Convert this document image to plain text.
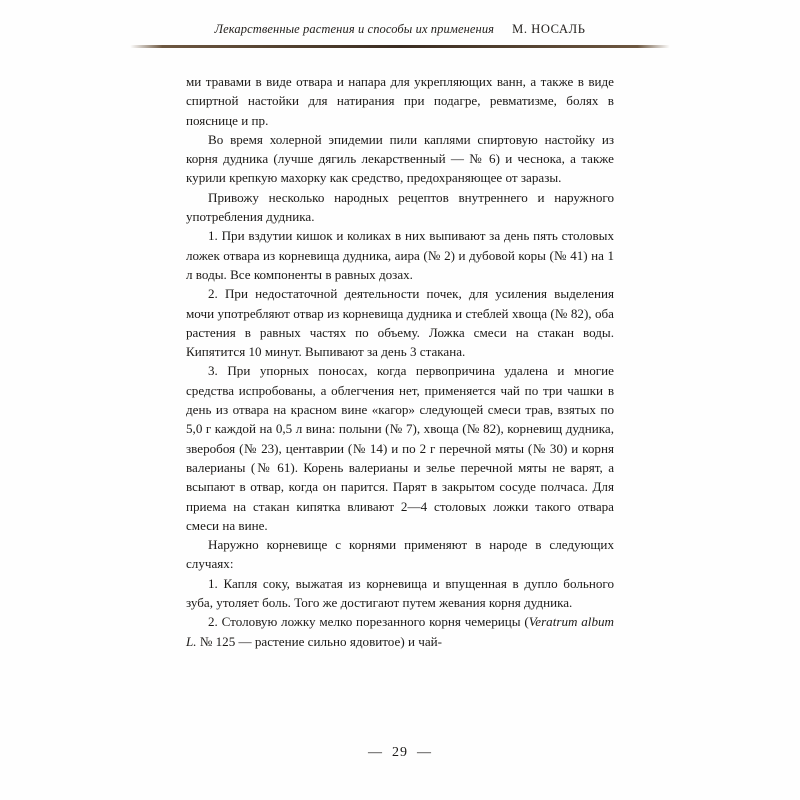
Лекарственные растения и способы их применения М. НОСАЛЬ

ми травами в виде отвара и напара для укрепляющих ванн, а также в виде спиртной настойки для натирания при подагре, ревматизме, болях в пояснице и пр.

Во время холерной эпидемии пили каплями спиртовую настойку из корня дудника (лучше дягиль лекарственный — № 6) и чеснока, а также курили крепкую махорку как средство, предохраняющее от заразы.

Привожу несколько народных рецептов внутреннего и наружного употребления дудника.

1. При вздутии кишок и коликах в них выпивают за день пять столовых ложек отвара из корневища дудника, аира (№ 2) и дубовой коры (№ 41) на 1 л воды. Все компоненты в равных дозах.

2. При недостаточной деятельности почек, для усиления выделения мочи употребляют отвар из корневища дудника и стеблей хвоща (№ 82), оба растения в равных частях по объему. Ложка смеси на стакан воды. Кипятится 10 минут. Выпивают за день 3 стакана.

3. При упорных поносах, когда первопричина удалена и многие средства испробованы, а облегчения нет, применяется чай по три чашки в день из отвара на красном вине «кагор» следующей смеси трав, взятых по 5,0 г каждой на 0,5 л вина: полыни (№ 7), хвоща (№ 82), корневищ дудника, зверобоя (№ 23), центаврии (№ 14) и по 2 г перечной мяты (№ 30) и корня валерианы (№ 61). Корень валерианы и зелье перечной мяты не варят, а всыпают в отвар, когда он парится. Парят в закрытом сосуде полчаса. Для приема на стакан кипятка вливают 2—4 столовых ложки такого отвара смеси на вине.

Наружно корневище с корнями применяют в народе в следующих случаях:

1. Капля соку, выжатая из корневища и впущенная в дупло больного зуба, утоляет боль. Того же достигают путем жевания корня дудника.

2. Столовую ложку мелко порезанного корня чемерицы (Veratrum album L. № 125 — растение сильно ядовитое) и чай-

— 29 —
